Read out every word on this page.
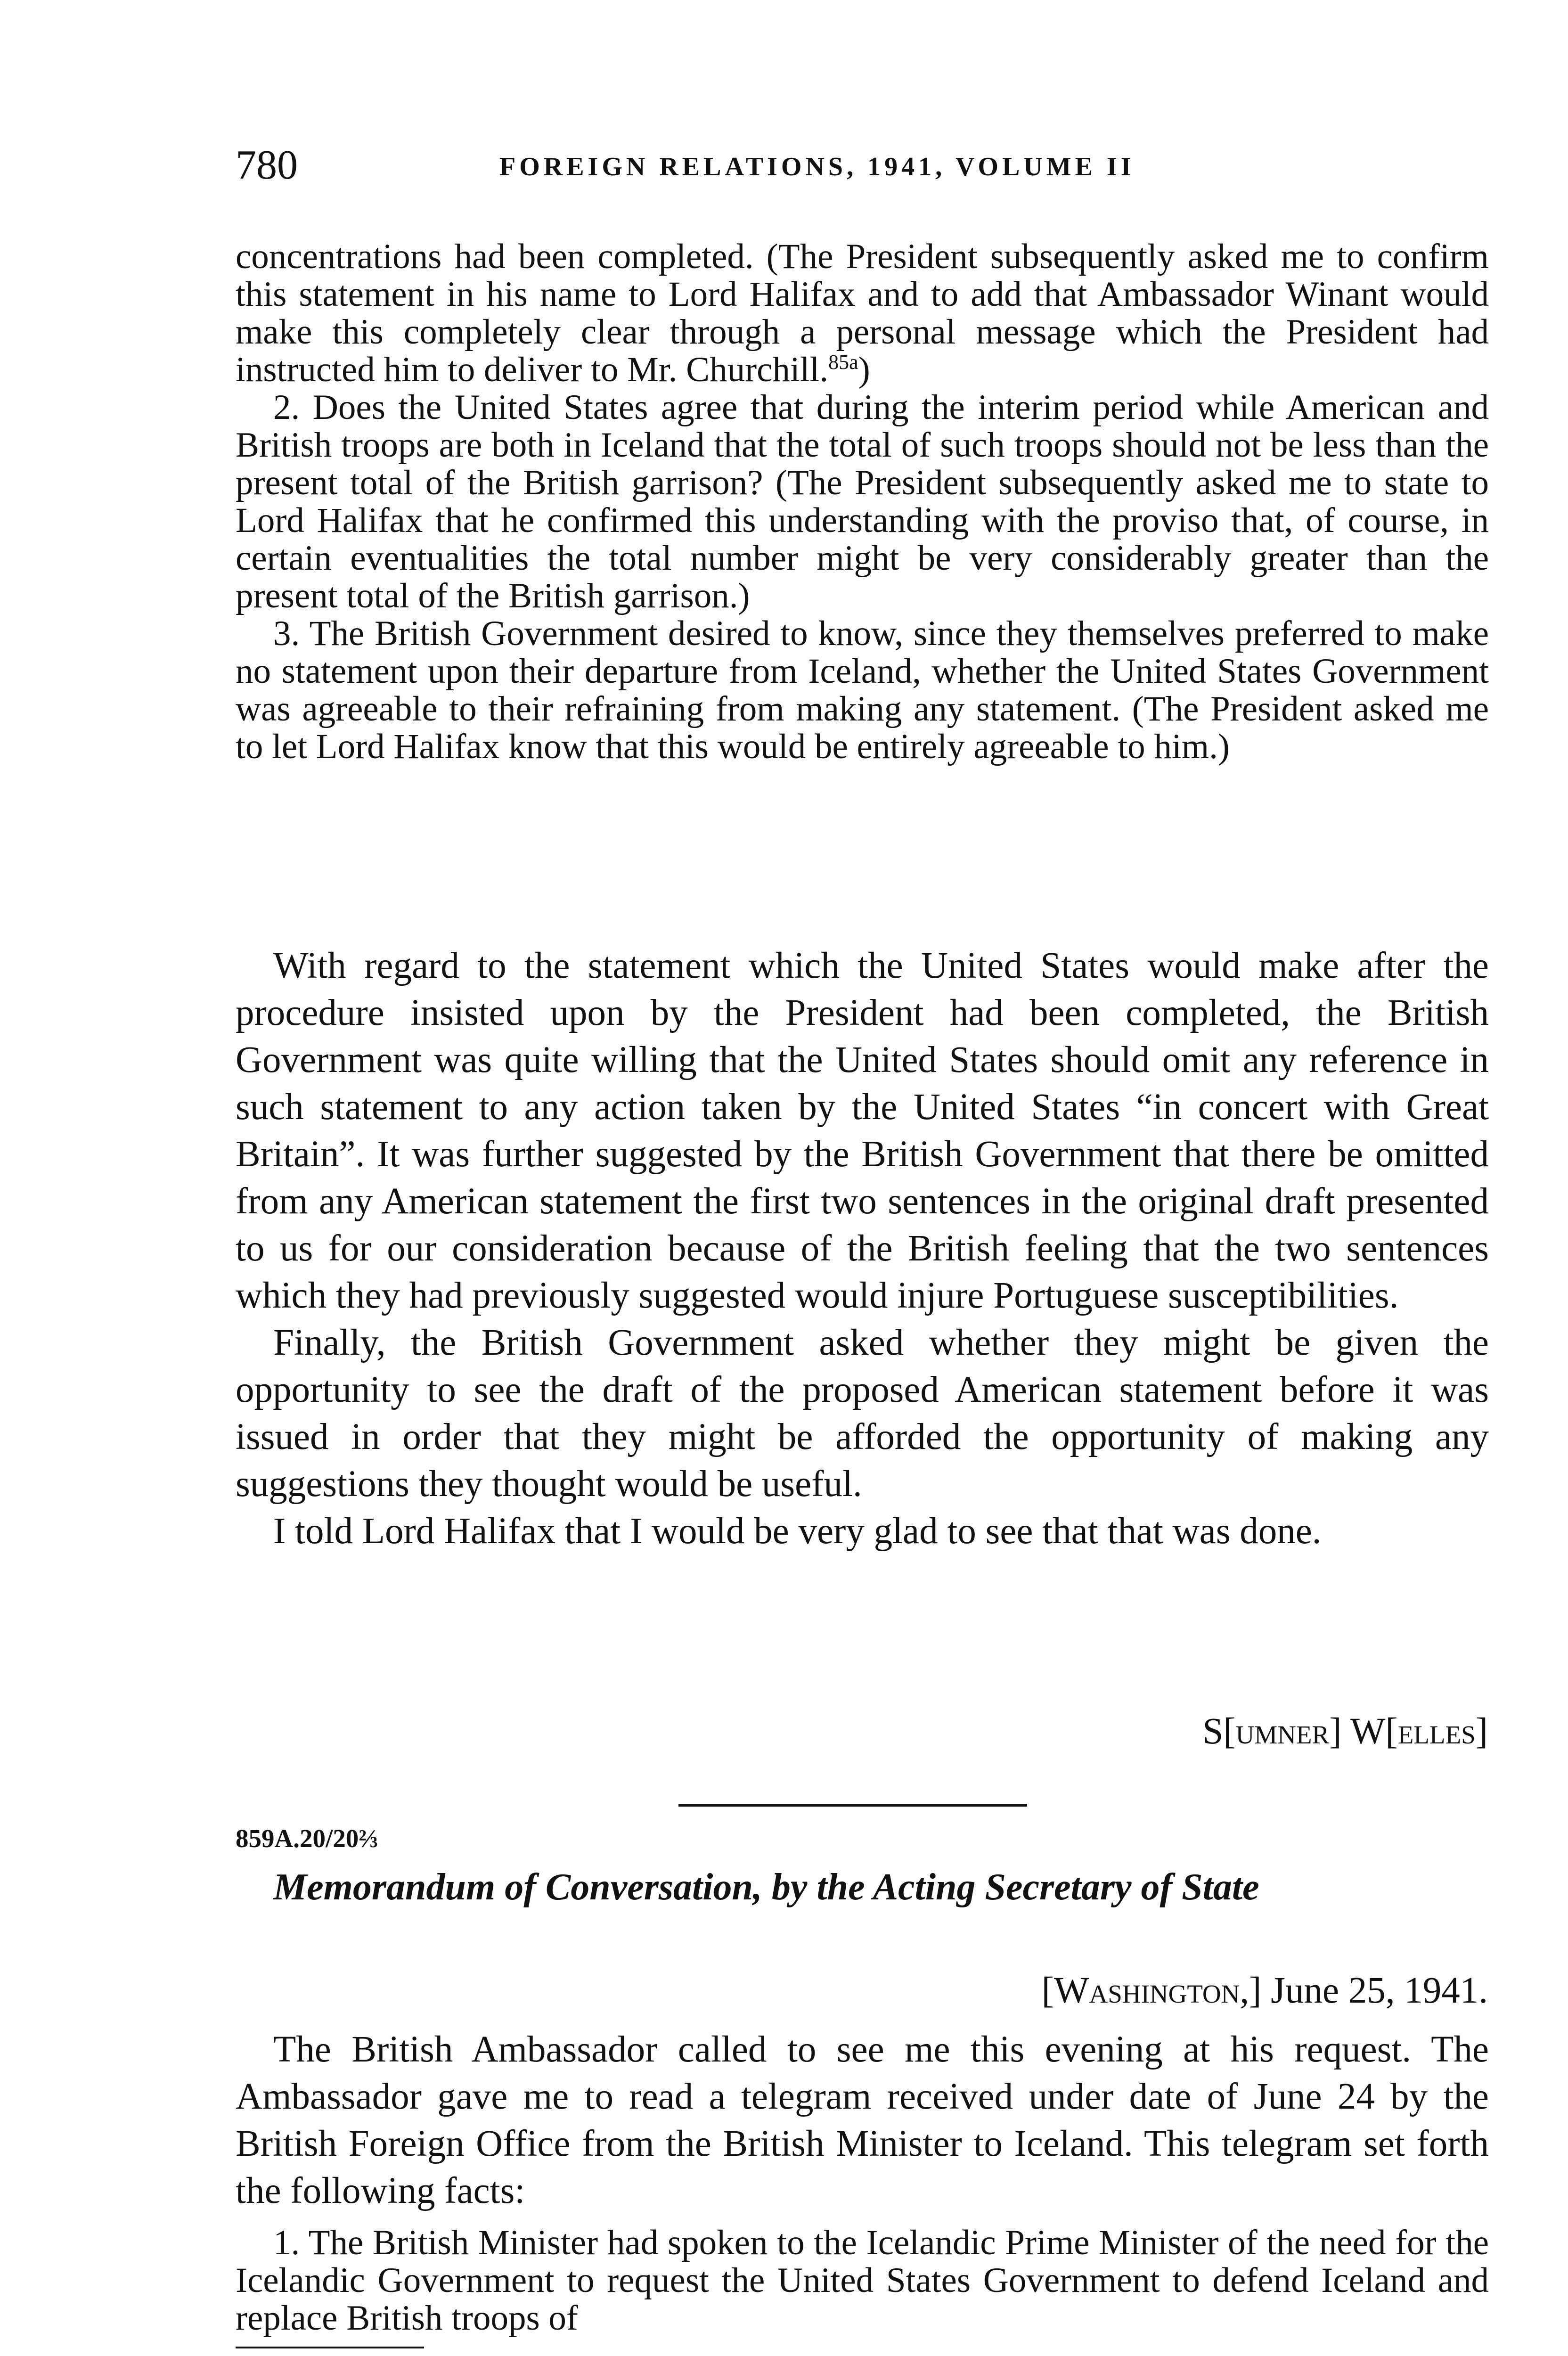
780	FOREIGN RELATIONS, 1941, VOLUME II

concentrations had been completed. (The President subsequently asked me to confirm this statement in his name to Lord Halifax and to add that Ambassador Winant would make this completely clear through a personal message which the President had instructed him to deliver to Mr. Churchill.$^{85a}$)

2. Does the United States agree that during the interim period while American and British troops are both in Iceland that the total of such troops should not be less than the present total of the British garrison? (The President subsequently asked me to state to Lord Halifax that he confirmed this understanding with the proviso that, of course, in certain eventualities the total number might be very considerably greater than the present total of the British garrison.)

3. The British Government desired to know, since they themselves preferred to make no statement upon their departure from Iceland, whether the United States Government was agreeable to their refraining from making any statement. (The President asked me to let Lord Halifax know that this would be entirely agreeable to him.)

With regard to the statement which the United States would make after the procedure insisted upon by the President had been completed, the British Government was quite willing that the United States should omit any reference in such statement to any action taken by the United States “in concert with Great Britain”. It was further suggested by the British Government that there be omitted from any American statement the first two sentences in the original draft presented to us for our consideration because of the British feeling that the two sentences which they had previously suggested would injure Portuguese susceptibilities.

Finally, the British Government asked whether they might be given the opportunity to see the draft of the proposed American statement before it was issued in order that they might be afforded the opportunity of making any suggestions they thought would be useful.

I told Lord Halifax that I would be very glad to see that that was done.

S[umner] W[elles]
859A.20/20⅔
Memorandum of Conversation, by the Acting Secretary of State
[Washington,] June 25, 1941.

The British Ambassador called to see me this evening at his request. The Ambassador gave me to read a telegram received under date of June 24 by the British Foreign Office from the British Minister to Iceland. This telegram set forth the following facts:

1. The British Minister had spoken to the Icelandic Prime Minister of the need for the Icelandic Government to request the United States Government to defend Iceland and replace British troops of
